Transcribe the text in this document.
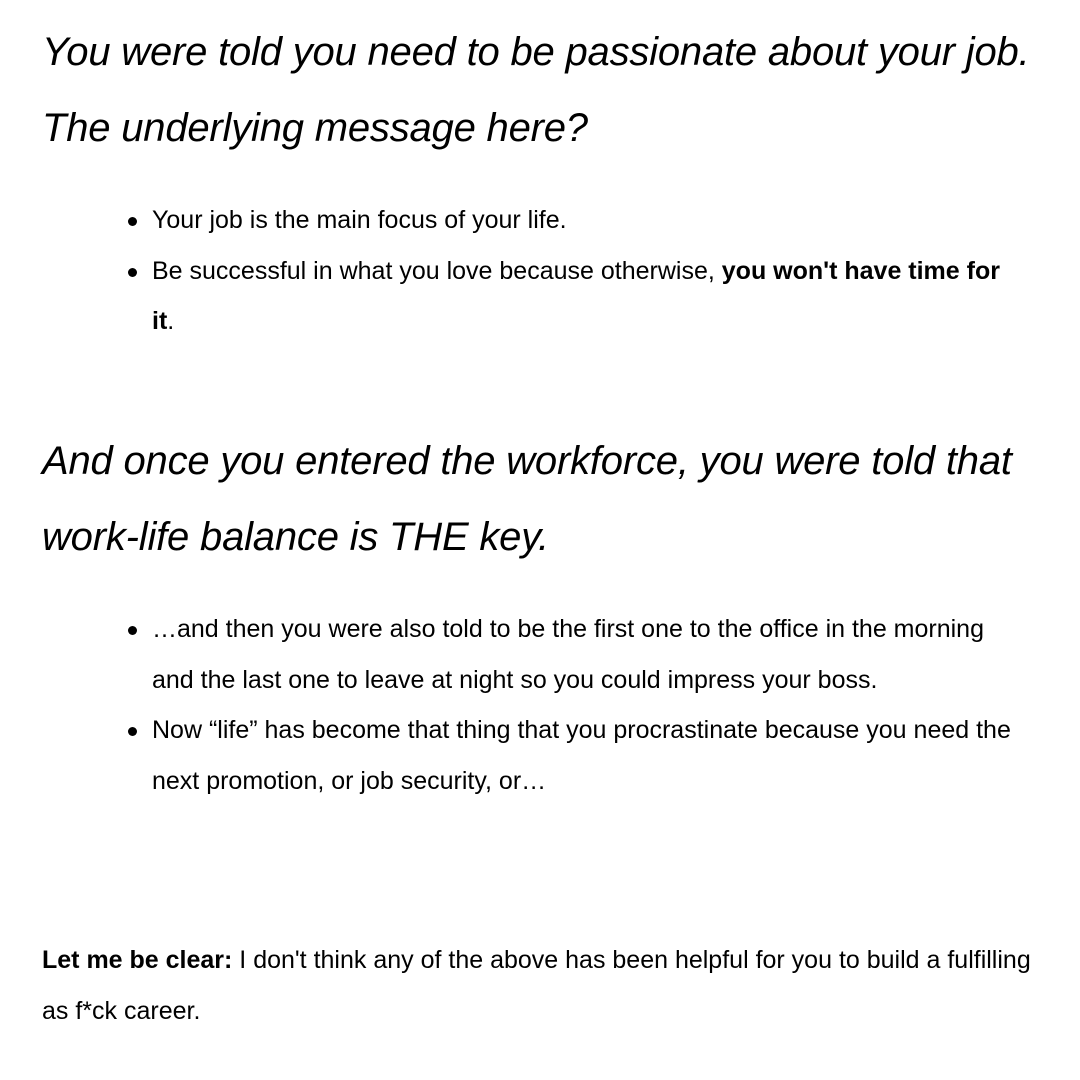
You were told you need to be passionate about your job. The underlying message here?
Your job is the main focus of your life.
Be successful in what you love because otherwise, you won't have time for it.
And once you entered the workforce, you were told that work-life balance is THE key.
…and then you were also told to be the first one to the office in the morning and the last one to leave at night so you could impress your boss.
Now “life” has become that thing that you procrastinate because you need the next promotion, or job security, or…

Let me be clear: I don't think any of the above has been helpful for you to build a fulfilling as f*ck career.
